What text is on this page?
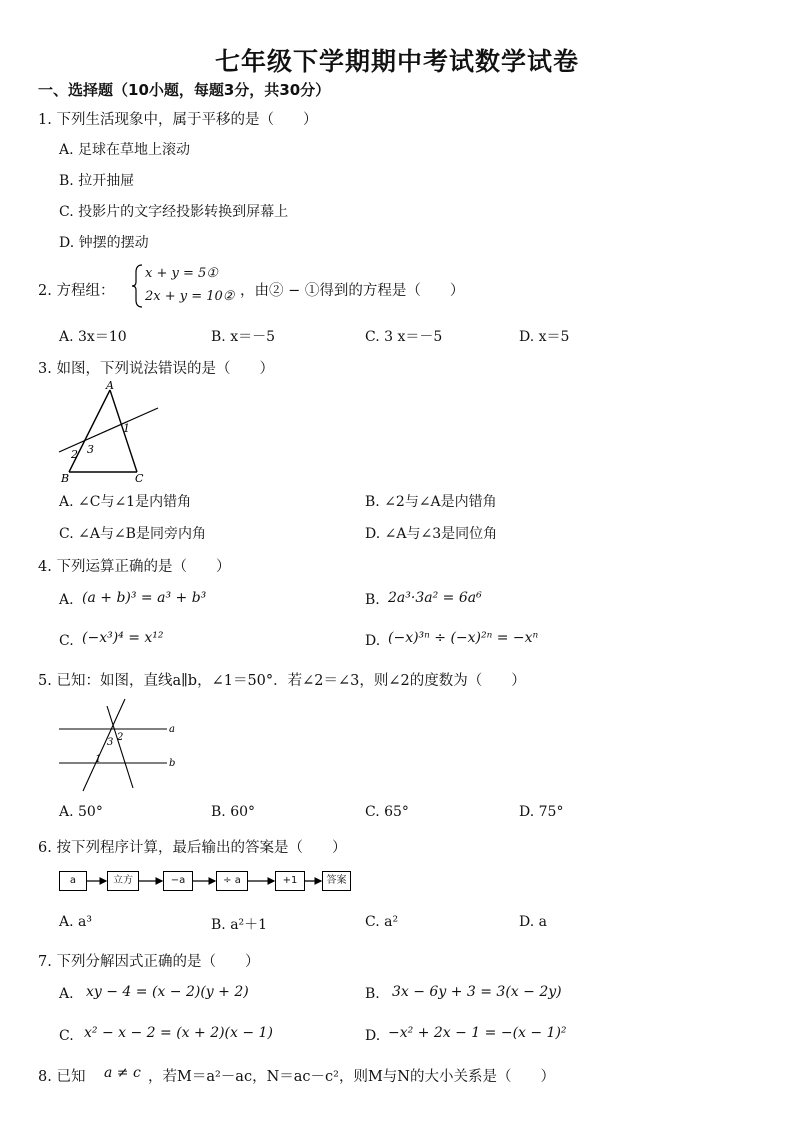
七年级下学期期中考试数学试卷
一、选择题（10小题，每题3分，共30分）
1. 下列生活现象中，属于平移的是（　　）
A. 足球在草地上滚动
B. 拉开抽屉
C. 投影片的文字经投影转换到屏幕上
D. 钟摆的摆动
2. 方程组：
x + y = 5①
2x + y = 10② ，由② − ①得到的方程是（　　）
A. 3x＝10	B. x＝－5	C. 3 x＝－5	D. x＝5
3. 如图，下列说法错误的是（　　）
A
B	C
1
2 3
A. ∠C与∠1是内错角	B. ∠2与∠A是内错角
C. ∠A与∠B是同旁内角	D. ∠A与∠3是同位角
4. 下列运算正确的是（　　）
A. (a + b)³ = a³ + b³	B. 2a³·3a² = 6a⁶
C. (−x³)⁴ = x¹²	D. (−x)³ⁿ ÷ (−x)²ⁿ = −xⁿ
5. 已知：如图，直线a∥b，∠1＝50°．若∠2＝∠3，则∠2的度数为（　　）
a
b
2
3
1
A. 50°	B. 60°	C. 65°	D. 75°
6. 按下列程序计算，最后输出的答案是（　　）
a	立方	−a	÷ a	+1	答案
A. a³	B. a²＋1	C. a²	D. a
7. 下列分解因式正确的是（　　）
A. xy − 4 = (x − 2)(y + 2)	B. 3x − 6y + 3 = 3(x − 2y)
C. x² − x − 2 = (x + 2)(x − 1)	D. −x² + 2x − 1 = −(x − 1)²
8. 已知 a ≠ c ，若M＝a²－ac，N＝ac－c²，则M与N的大小关系是（　　）
